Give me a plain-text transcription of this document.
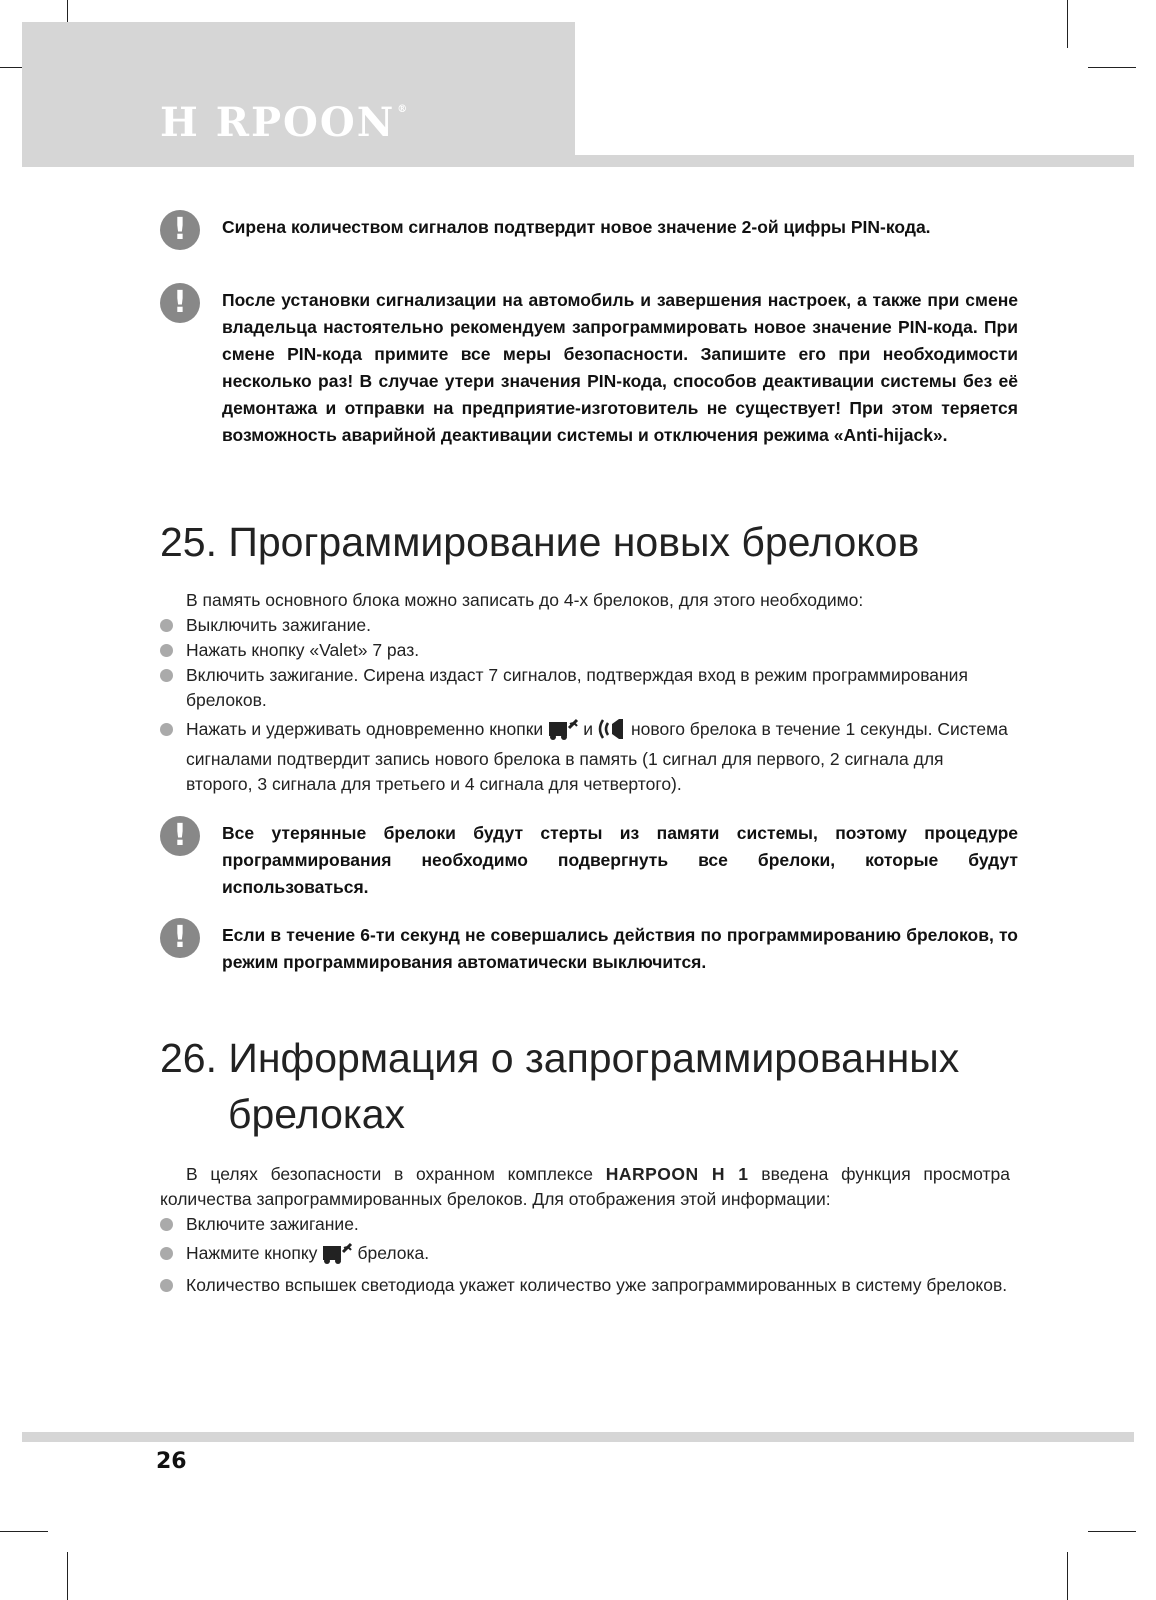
H RPOON ®
!	Сирена количеством сигналов подтвердит новое значение 2-ой цифры PIN-кода.
!	После установки сигнализации на автомобиль и завершения настроек, а также при смене владельца настоятельно рекомендуем запрограммировать новое значение PIN-кода. При смене PIN-кода примите все меры безопасности. Запишите его при необходимости несколько раз! В случае утери значения PIN-кода, способов деактивации системы без её демонтажа и отправки на предприятие-изготовитель не существует! При этом теряется возможность аварийной деактивации системы и отключения режима «Anti-hijack».
25. Программирование новых брелоков
В память основного блока можно записать до 4-х брелоков, для этого необходимо:
Выключить зажигание.
Нажать кнопку «Valet» 7 раз.
Включить зажигание. Сирена издаст 7 сигналов, подтверждая вход в режим программирования брелоков.
Нажать и удерживать одновременно кнопки и нового брелока в течение 1 секунды. Система сигналами подтвердит запись нового брелока в память (1 сигнал для первого, 2 сигнала для второго, 3 сигнала для третьего и 4 сигнала для четвертого).
!	Все утерянные брелоки будут стерты из памяти системы, поэтому процедуре программирования необходимо подвергнуть все брелоки, которые будут использоваться.
!	Если в течение 6-ти секунд не совершались действия по программированию брелоков, то режим программирования автоматически выключится.
26. Информация о запрограммированных
брелоках
В целях безопасности в охранном комплексе HARPOON H 1 введена функция просмотра количества запрограммированных брелоков. Для отображения этой информации:
Включите зажигание.
Нажмите кнопку брелока.
Количество вспышек светодиода укажет количество уже запрограммированных в систему брелоков.
26
